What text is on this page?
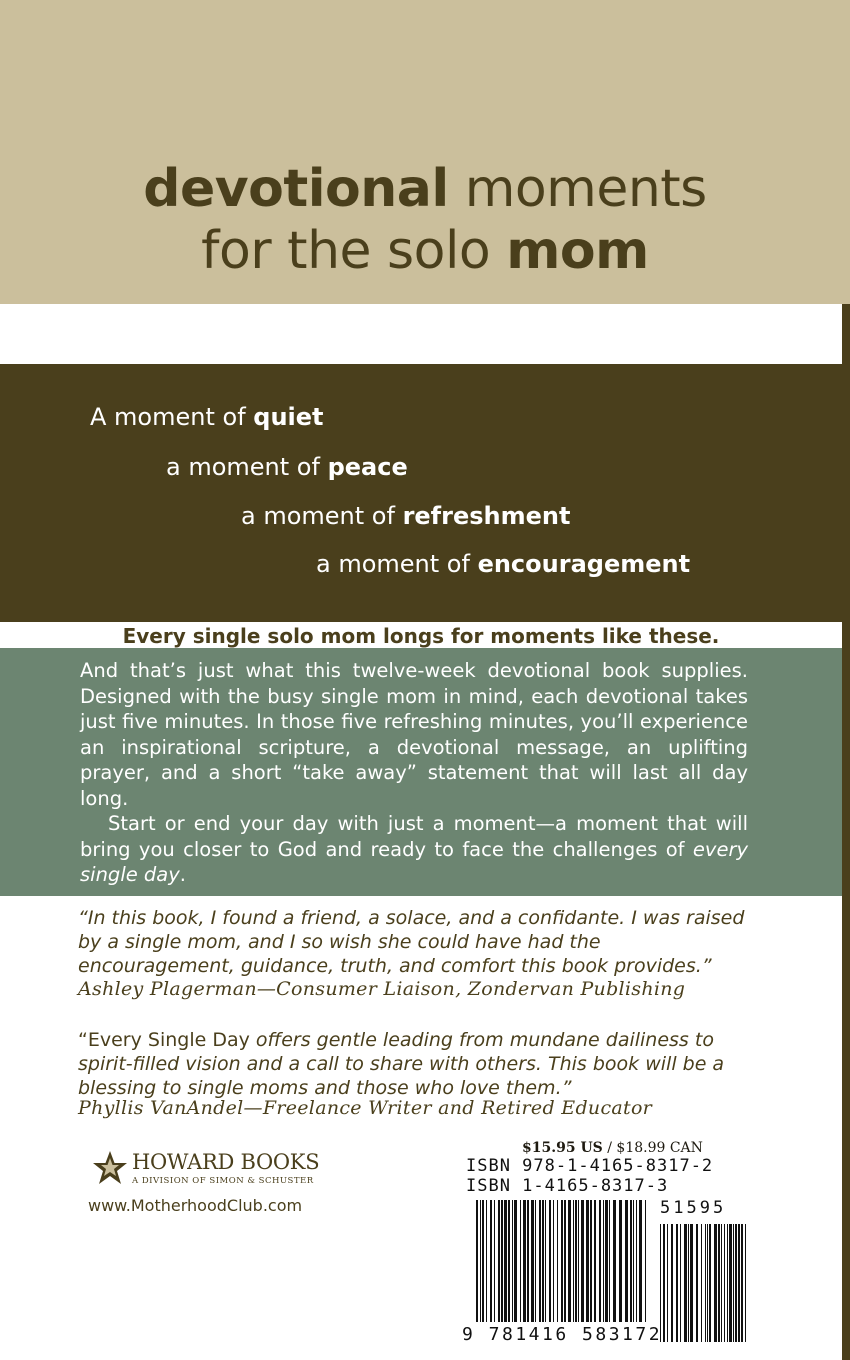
devotional moments
for the solo mom
A moment of quiet
a moment of peace
a moment of refreshment
a moment of encouragement
Every single solo mom longs for moments like these.

And that’s just what this twelve-week devotional book supplies. Designed with the busy single mom in mind, each devotional takes just five minutes. In those five refreshing minutes, you’ll experience an inspirational scripture, a devotional message, an uplifting prayer, and a short “take away” statement that will last all day long.

Start or end your day with just a moment—a moment that will bring you closer to God and ready to face the challenges of every single day.

“In this book, I found a friend, a solace, and a confidante. I was raised by a single mom, and I so wish she could have had the encouragement, guidance, truth, and comfort this book provides.”
Ashley Plagerman—Consumer Liaison, Zondervan Publishing
“Every Single Day offers gentle leading from mundane dailiness to spirit-filled vision and a call to share with others. This book will be a blessing to single moms and those who love them.”
Phyllis VanAndel—Freelance Writer and Retired Educator
HOWARD BOOKS
A DIVISION OF SIMON & SCHUSTER
www.MotherhoodClub.com
$15.95 US / $18.99 CAN
ISBN 978-1-4165-8317-2
ISBN 1-4165-8317-3
51595
9 781416 583172
